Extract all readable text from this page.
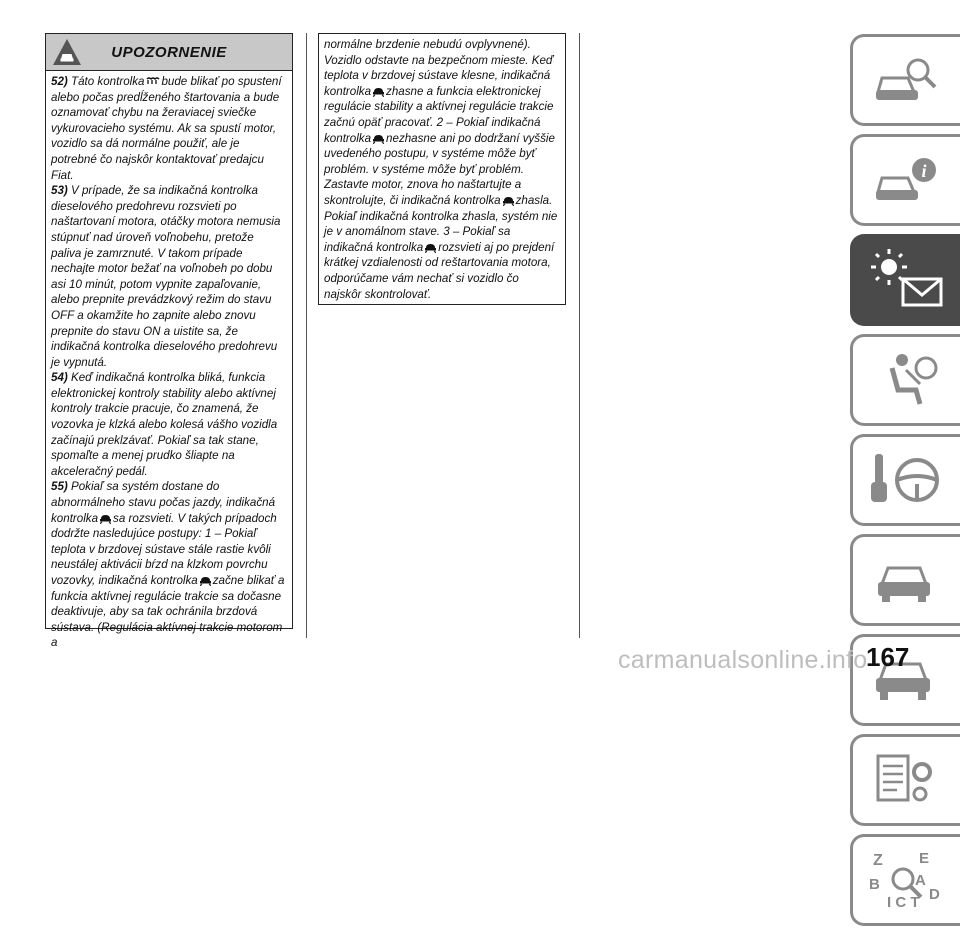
UPOZORNENIE

52) Táto kontrolka bude blikať po spustení alebo počas predĺženého štartovania a bude oznamovať chybu na žeraviacej sviečke vykurovacieho systému. Ak sa spustí motor, vozidlo sa dá normálne použiť, ale je potrebné čo najskôr kontaktovať predajcu Fiat.

53) V prípade, že sa indikačná kontrolka dieselového predohrevu rozsvieti po naštartovaní motora, otáčky motora nemusia stúpnuť nad úroveň voľnobehu, pretože paliva je zamrznuté. V takom prípade nechajte motor bežať na voľnobeh po dobu asi 10 minút, potom vypnite zapaľovanie, alebo prepnite prevádzkový režim do stavu OFF a okamžite ho zapnite alebo znovu prepnite do stavu ON a uistite sa, že indikačná kontrolka dieselového predohrevu je vypnutá.

54) Keď indikačná kontrolka bliká, funkcia elektronickej kontroly stability alebo aktívnej kontroly trakcie pracuje, čo znamená, že vozovka je klzká alebo kolesá vášho vozidla začínajú preklzávať. Pokiaľ sa tak stane, spomaľte a menej prudko šliapte na akceleračný pedál.

55) Pokiaľ sa systém dostane do abnormálneho stavu počas jazdy, indikačná kontrolka sa rozsvieti. V takých prípadoch dodržte nasledujúce postupy: 1 – Pokiaľ teplota v brzdovej sústave stále rastie kvôli neustálej aktivácii bŕzd na klzkom povrchu vozovky, indikačná kontrolka začne blikať a funkcia aktívnej regulácie trakcie sa dočasne deaktivuje, aby sa tak ochránila brzdová sústava. (Regulácia aktívnej trakcie motorom a

normálne brzdenie nebudú ovplyvnené). Vozidlo odstavte na bezpečnom mieste. Keď teplota v brzdovej sústave klesne, indikačná kontrolka zhasne a funkcia elektronickej regulácie stability a aktívnej regulácie trakcie začnú opäť pracovať. 2 – Pokiaľ indikačná kontrolka nezhasne ani po dodržaní vyššie uvedeného postupu, v systéme môže byť problém. v systéme môže byť problém. Zastavte motor, znova ho naštartujte a skontrolujte, či indikačná kontrolka zhasla. Pokiaľ indikačná kontrolka zhasla, systém nie je v anomálnom stave. 3 – Pokiaľ sa indikačná kontrolka rozsvieti aj po prejdení krátkej vzdialenosti od reštartovania motora, odporúčame vám nechať si vozidlo čo najskôr skontrolovať.

i
Z E
B A
I C T D
167
carmanualsonline.info
